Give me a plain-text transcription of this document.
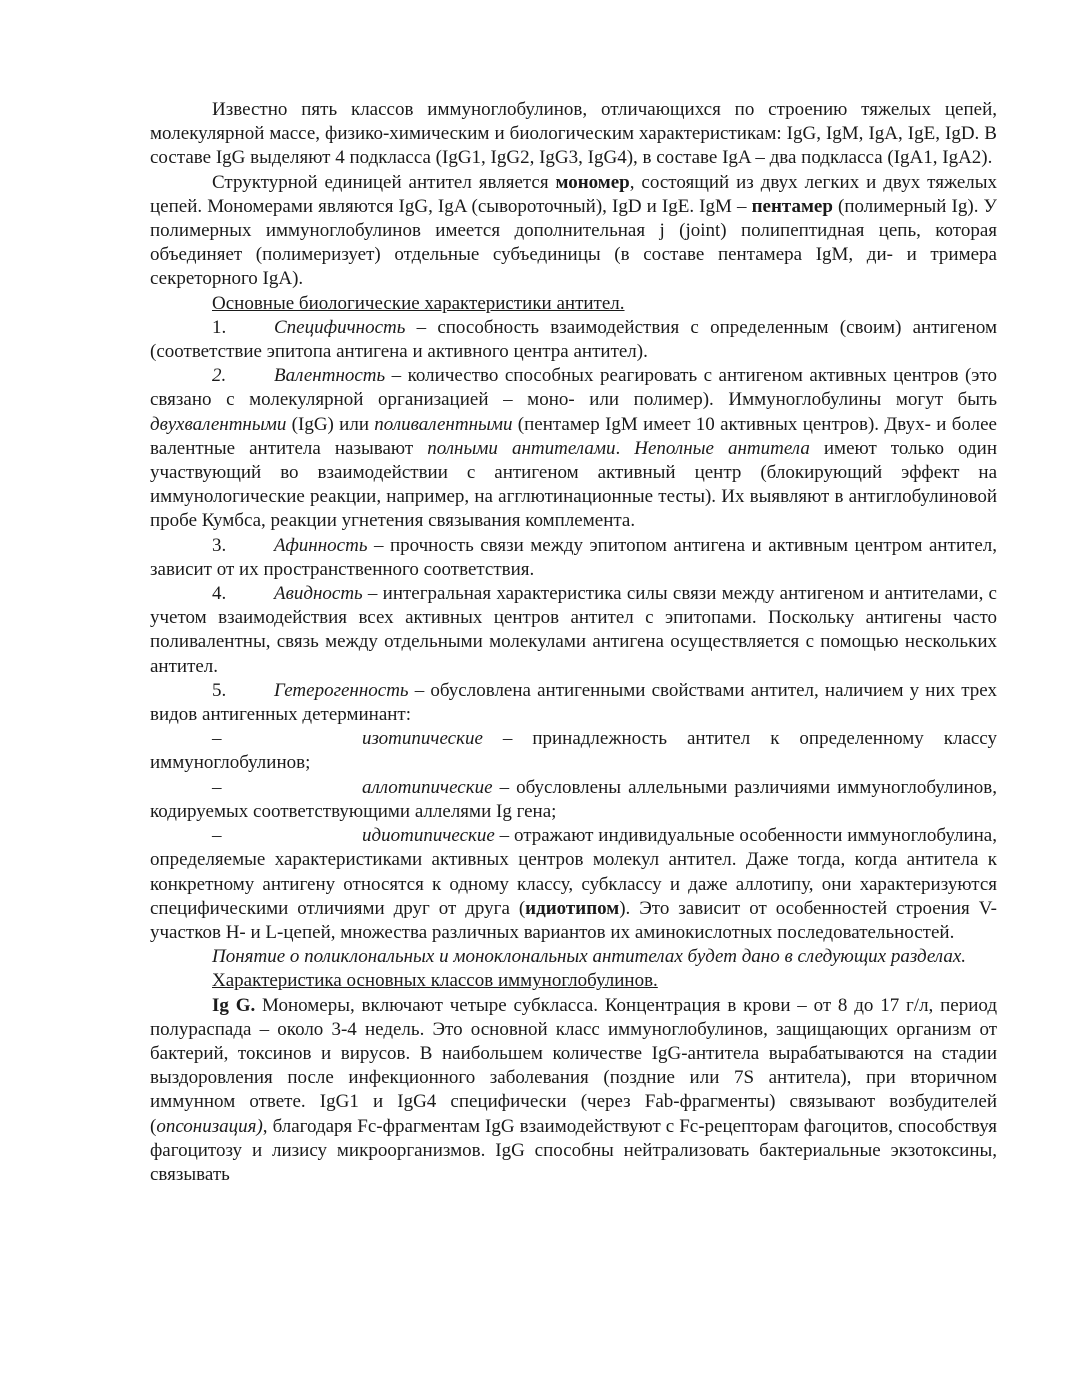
Известно пять классов иммуноглобулинов, отличающихся по строению тяжелых цепей, молекулярной массе, физико-химическим и биологическим характеристикам: IgG, IgM, IgA, IgE, IgD. В составе IgG выделяют 4 подкласса (IgG1, IgG2, IgG3, IgG4), в составе IgA – два подкласса (IgA1, IgA2).

Структурной единицей антител является мономер, состоящий из двух легких и двух тяжелых цепей. Мономерами являются IgG, IgA (сывороточный), IgD и IgE. IgM – пентамер (полимерный Ig). У полимерных иммуноглобулинов имеется дополнительная j (joint) полипептидная цепь, которая объединяет (полимеризует) отдельные субъединицы (в составе пентамера IgM, ди- и тримера секреторного IgA).

Основные биологические характеристики антител.

1.	Специфичность – способность взаимодействия с определенным (своим) антигеном (соответствие эпитопа антигена и активного центра антител).

2.	Валентность – количество способных реагировать с антигеном активных центров (это связано с молекулярной организацией – моно- или полимер). Иммуноглобулины могут быть двухвалентными (IgG) или поливалентными (пентамер IgM имеет 10 активных центров). Двух- и более валентные антитела называют полными антителами. Неполные антитела имеют только один участвующий во взаимодействии с антигеном активный центр (блокирующий эффект на иммунологические реакции, например, на агглютинационные тесты). Их выявляют в антиглобулиновой пробе Кумбса, реакции угнетения связывания комплемента.

3.	Афинность – прочность связи между эпитопом антигена и активным центром антител, зависит от их пространственного соответствия.

4.	Авидность – интегральная характеристика силы связи между антигеном и антителами, с учетом взаимодействия всех активных центров антител с эпитопами. Поскольку антигены часто поливалентны, связь между отдельными молекулами антигена осуществляется с помощью нескольких антител.

5.	Гетерогенность – обусловлена антигенными свойствами антител, наличием у них трех видов антигенных детерминант:

–	изотипические – принадлежность антител к определенному классу иммуноглобулинов;

–	аллотипические – обусловлены аллельными различиями иммуноглобулинов, кодируемых соответствующими аллелями Ig гена;

–	идиотипические – отражают индивидуальные особенности иммуноглобулина, определяемые характеристиками активных центров молекул антител. Даже тогда, когда антитела к конкретному антигену относятся к одному классу, субклассу и даже аллотипу, они характеризуются специфическими отличиями друг от друга (идиотипом). Это зависит от особенностей строения V- участков H- и L-цепей, множества различных вариантов их аминокислотных последовательностей.

Понятие о поликлональных и моноклональных антителах будет дано в следующих разделах.

Характеристика основных классов иммуноглобулинов.

Ig G. Мономеры, включают четыре субкласса. Концентрация в крови – от 8 до 17 г/л, период полураспада – около 3-4 недель. Это основной класс иммуноглобулинов, защищающих организм от бактерий, токсинов и вирусов. В наибольшем количестве IgG-антитела вырабатываются на стадии выздоровления после инфекционного заболевания (поздние или 7S антитела), при вторичном иммунном ответе. IgG1 и IgG4 специфически (через Fab-фрагменты) связывают возбудителей (опсонизация), благодаря Fc-фрагментам IgG взаимодействуют с Fc-рецепторам фагоцитов, способствуя фагоцитозу и лизису микроорганизмов. IgG способны нейтрализовать бактериальные экзотоксины, связывать
